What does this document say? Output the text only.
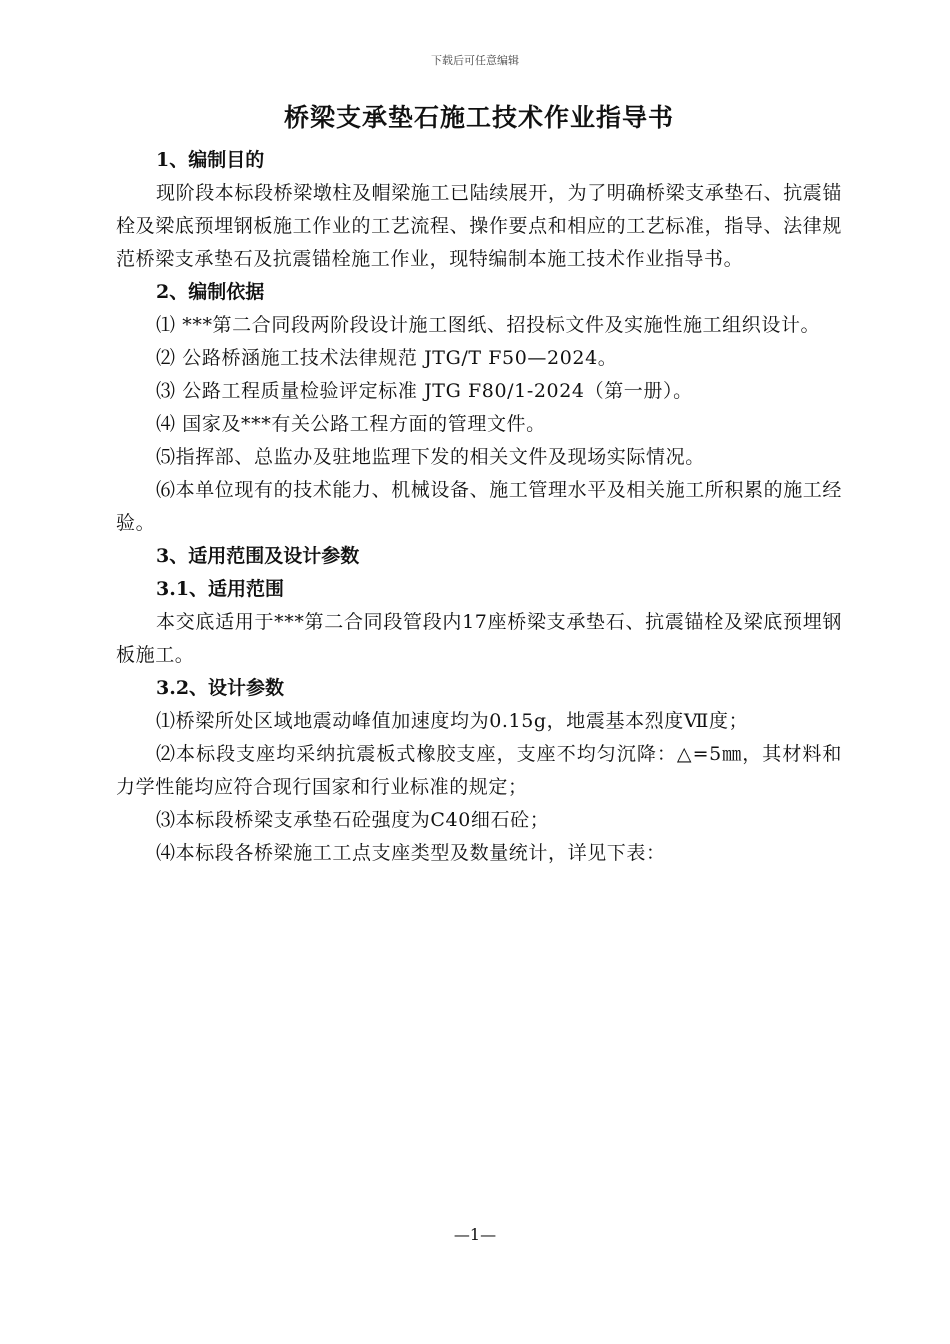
下载后可任意编辑
桥梁支承垫石施工技术作业指导书
1、编制目的

现阶段本标段桥梁墩柱及帽梁施工已陆续展开，为了明确桥梁支承垫石、抗震锚栓及梁底预埋钢板施工作业的工艺流程、操作要点和相应的工艺标准，指导、法律规范桥梁支承垫石及抗震锚栓施工作业，现特编制本施工技术作业指导书。

2、编制依据

⑴ ***第二合同段两阶段设计施工图纸、招投标文件及实施性施工组织设计。

⑵ 公路桥涵施工技术法律规范 JTG/T F50—2024。

⑶ 公路工程质量检验评定标准 JTG F80/1-2024（第一册）。

⑷ 国家及***有关公路工程方面的管理文件。

⑸指挥部、总监办及驻地监理下发的相关文件及现场实际情况。

⑹本单位现有的技术能力、机械设备、施工管理水平及相关施工所积累的施工经验。

3、适用范围及设计参数
3.1、适用范围

本交底适用于***第二合同段管段内17座桥梁支承垫石、抗震锚栓及梁底预埋钢板施工。

3.2、设计参数

⑴桥梁所处区域地震动峰值加速度均为0.15g，地震基本烈度Ⅶ度；

⑵本标段支座均采纳抗震板式橡胶支座，支座不均匀沉降：△=5㎜，其材料和力学性能均应符合现行国家和行业标准的规定；

⑶本标段桥梁支承垫石砼强度为C40细石砼；

⑷本标段各桥梁施工工点支座类型及数量统计，详见下表：

—1—
